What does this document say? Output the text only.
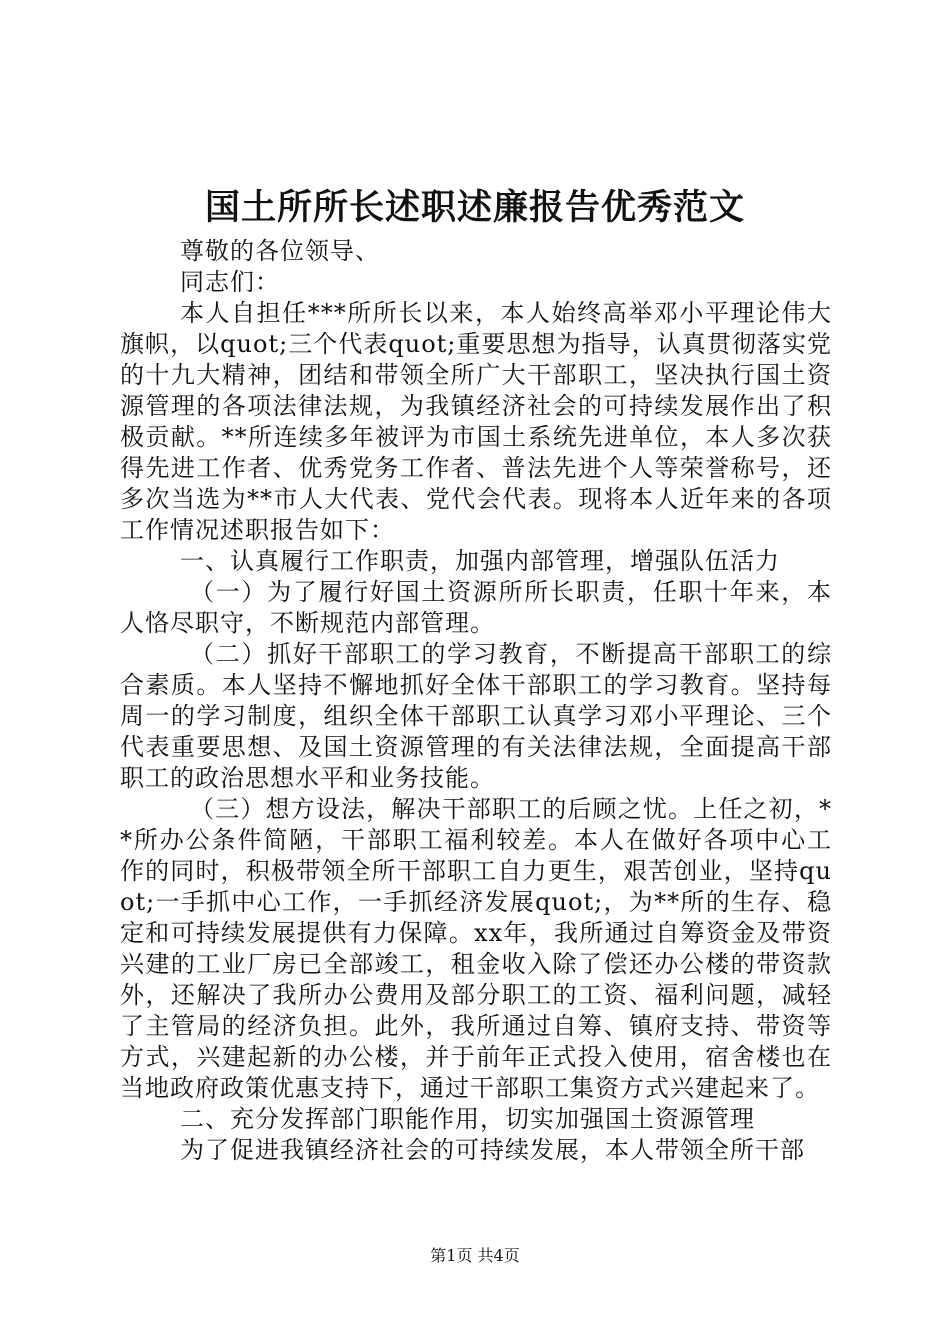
国土所所长述职述廉报告优秀范文

尊敬的各位领导、

同志们：

本人自担任***所所长以来，本人始终高举邓小平理论伟大旗帜，以quot;三个代表quot;重要思想为指导，认真贯彻落实党的十九大精神，团结和带领全所广大干部职工，坚决执行国土资源管理的各项法律法规，为我镇经济社会的可持续发展作出了积极贡献。**所连续多年被评为市国土系统先进单位，本人多次获得先进工作者、优秀党务工作者、普法先进个人等荣誉称号，还多次当选为**市人大代表、党代会代表。现将本人近年来的各项工作情况述职报告如下：

一、认真履行工作职责，加强内部管理，增强队伍活力

（一）为了履行好国土资源所所长职责，任职十年来，本人恪尽职守，不断规范内部管理。

（二）抓好干部职工的学习教育，不断提高干部职工的综合素质。本人坚持不懈地抓好全体干部职工的学习教育。坚持每周一的学习制度，组织全体干部职工认真学习邓小平理论、三个代表重要思想、及国土资源管理的有关法律法规，全面提高干部职工的政治思想水平和业务技能。

（三）想方设法，解决干部职工的后顾之忧。上任之初，**所办公条件简陋，干部职工福利较差。本人在做好各项中心工作的同时，积极带领全所干部职工自力更生，艰苦创业，坚持quot;一手抓中心工作，一手抓经济发展quot;，为**所的生存、稳定和可持续发展提供有力保障。xx年，我所通过自筹资金及带资兴建的工业厂房已全部竣工，租金收入除了偿还办公楼的带资款外，还解决了我所办公费用及部分职工的工资、福利问题，减轻了主管局的经济负担。此外，我所通过自筹、镇府支持、带资等方式，兴建起新的办公楼，并于前年正式投入使用，宿舍楼也在当地政府政策优惠支持下，通过干部职工集资方式兴建起来了。

二、充分发挥部门职能作用，切实加强国土资源管理

为了促进我镇经济社会的可持续发展，本人带领全所干部

第1页 共4页
